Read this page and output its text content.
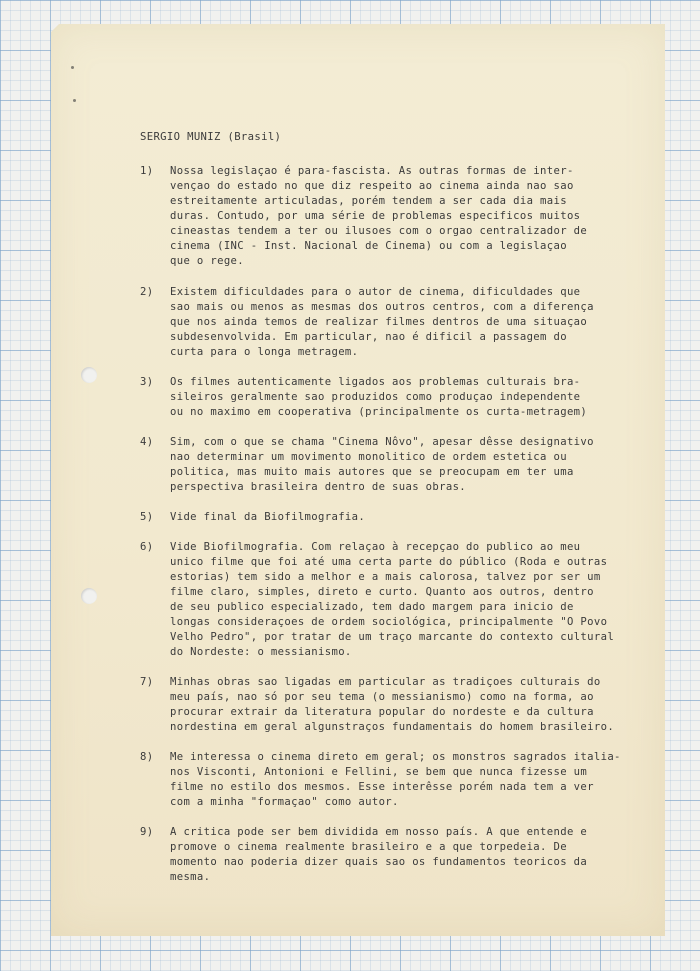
SERGIO MUNIZ (Brasil)
1)	Nossa legislaçao é para-fascista. As outras formas de inter-
vençao do estado no que diz respeito ao cinema ainda nao sao
estreitamente articuladas, porém tendem a ser cada dia mais
duras. Contudo, por uma série de problemas especificos muitos
cineastas tendem a ter ou ilusoes com o orgao centralizador de
cinema (INC - Inst. Nacional de Cinema) ou com a legislaçao
que o rege.
2)	Existem dificuldades para o autor de cinema, dificuldades que
sao mais ou menos as mesmas dos outros centros, com a diferença
que nos ainda temos de realizar filmes dentros de uma situaçao
subdesenvolvida. Em particular, nao é dificil a passagem do
curta para o longa metragem.
3)	Os filmes autenticamente ligados aos problemas culturais bra-
sileiros geralmente sao produzidos como produçao independente
ou no maximo em cooperativa (principalmente os curta-metragem)
4)	Sim, com o que se chama "Cinema Nôvo", apesar dêsse designativo
nao determinar um movimento monolitico de ordem estetica ou
politica, mas muito mais autores que se preocupam em ter uma
perspectiva brasileira dentro de suas obras.
5)	Vide final da Biofilmografia.
6)	Vide Biofilmografia. Com relaçao à recepçao do publico ao meu
unico filme que foi até uma certa parte do público (Roda e outras
estorias) tem sido a melhor e a mais calorosa, talvez por ser um
filme claro, simples, direto e curto. Quanto aos outros, dentro
de seu publico especializado, tem dado margem para inicio de
longas consideraçoes de ordem sociológica, principalmente "O Povo
Velho Pedro", por tratar de um traço marcante do contexto cultural
do Nordeste: o messianismo.
7)	Minhas obras sao ligadas em particular as tradiçoes culturais do
meu país, nao só por seu tema (o messianismo) como na forma, ao
procurar extrair da literatura popular do nordeste e da cultura
nordestina em geral algunstraços fundamentais do homem brasileiro.
8)	Me interessa o cinema direto em geral; os monstros sagrados italia-
nos Visconti, Antonioni e Fellini, se bem que nunca fizesse um
filme no estilo dos mesmos. Esse interêsse porém nada tem a ver
com a minha "formaçao" como autor.
9)	A critica pode ser bem dividida em nosso país. A que entende e
promove o cinema realmente brasileiro e a que torpedeia. De
momento nao poderia dizer quais sao os fundamentos teoricos da
mesma.
